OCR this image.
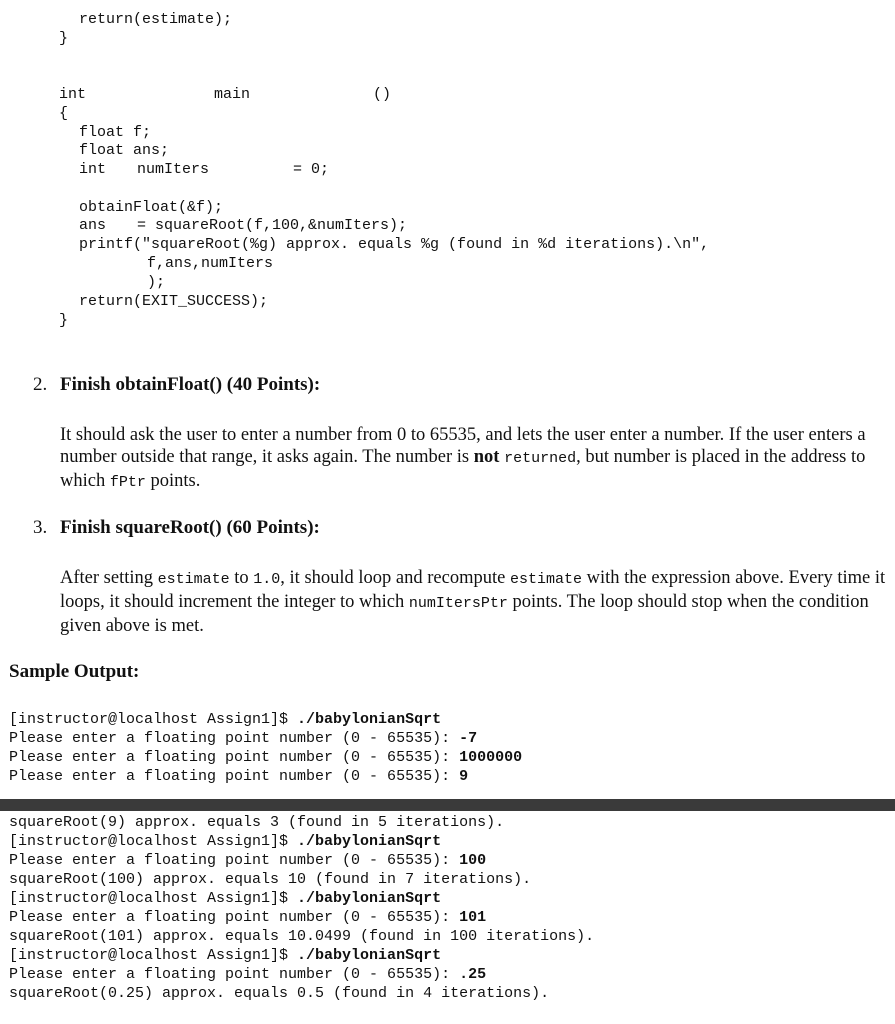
return(estimate);

}

int

	main

	()

{

float f;

float ans;

int

numIters

	= 0;

obtainFloat(&f);

ans

= squareRoot(f,100,&numIters);

printf("squareRoot(%g) approx. equals %g (found in %d iterations).\n",

f,ans,numIters

);

return(EXIT_SUCCESS);

}

2. Finish obtainFloat() (40 Points):
It should ask the user to enter a number from 0 to 65535, and lets the user enter a number. If the user enters a number outside that range, it asks again. The number is not returned, but number is placed in the address to which fPtr points.
3. Finish squareRoot() (60 Points):
After setting estimate to 1.0, it should loop and recompute estimate with the expression above. Every time it loops, it should increment the integer to which numItersPtr points. The loop should stop when the condition given above is met.
Sample Output:
[instructor@localhost Assign1]$ ./babylonianSqrt
Please enter a floating point number (0 - 65535): -7
Please enter a floating point number (0 - 65535): 1000000
Please enter a floating point number (0 - 65535): 9
squareRoot(9) approx. equals 3 (found in 5 iterations).
[instructor@localhost Assign1]$ ./babylonianSqrt
Please enter a floating point number (0 - 65535): 100
squareRoot(100) approx. equals 10 (found in 7 iterations).
[instructor@localhost Assign1]$ ./babylonianSqrt
Please enter a floating point number (0 - 65535): 101
squareRoot(101) approx. equals 10.0499 (found in 100 iterations).
[instructor@localhost Assign1]$ ./babylonianSqrt
Please enter a floating point number (0 - 65535): .25
squareRoot(0.25) approx. equals 0.5 (found in 4 iterations).
